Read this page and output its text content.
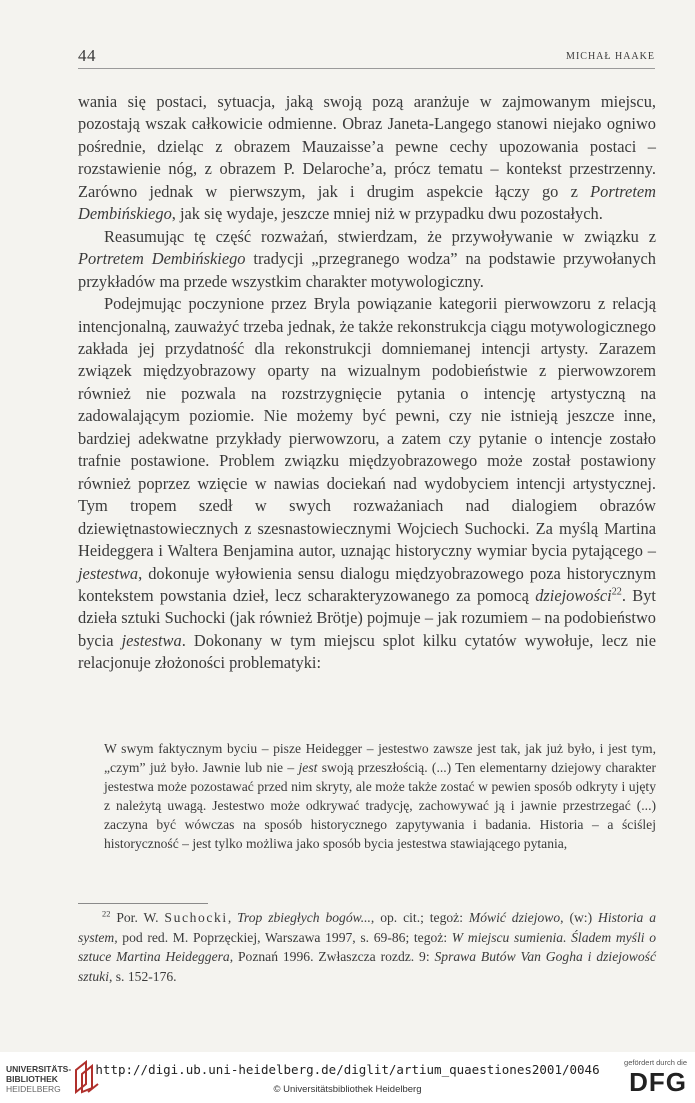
44	MICHAŁ HAAKE

wania się postaci, sytuacja, jaką swoją pozą aranżuje w zajmowanym miejscu, pozostają wszak całkowicie odmienne. Obraz Janeta-Langego stanowi niejako ogniwo pośrednie, dzieląc z obrazem Mauzaisse’a pewne cechy upozowania postaci – rozstawienie nóg, z obrazem P. Delaroche’a, prócz tematu – kontekst przestrzenny. Zarówno jednak w pierwszym, jak i drugim aspekcie łączy go z Portretem Dembińskiego, jak się wydaje, jeszcze mniej niż w przypadku dwu pozostałych.

Reasumując tę część rozważań, stwierdzam, że przywoływanie w związku z Portretem Dembińskiego tradycji „przegranego wodza” na podstawie przywołanych przykładów ma przede wszystkim charakter motywologiczny.

Podejmując poczynione przez Bryla powiązanie kategorii pierwowzoru z relacją intencjonalną, zauważyć trzeba jednak, że także rekonstrukcja ciągu motywologicznego zakłada jej przydatność dla rekonstrukcji domniemanej intencji artysty. Zarazem związek międzyobrazowy oparty na wizualnym podobieństwie z pierwowzorem również nie pozwala na rozstrzygnięcie pytania o intencję artystyczną na zadowalającym poziomie. Nie możemy być pewni, czy nie istnieją jeszcze inne, bardziej adekwatne przykłady pierwowzoru, a zatem czy pytanie o intencje zostało trafnie postawione. Problem związku międzyobrazowego może został postawiony również poprzez wzięcie w nawias dociekań nad wydobyciem intencji artystycznej. Tym tropem szedł w swych rozważaniach nad dialogiem obrazów dziewiętnastowiecznych z szesnastowiecznymi Wojciech Suchocki. Za myślą Martina Heideggera i Waltera Benjamina autor, uznając historyczny wymiar bycia pytającego – jestestwa, dokonuje wyłowienia sensu dialogu międzyobrazowego poza historycznym kontekstem powstania dzieł, lecz scharakteryzowanego za pomocą dziejowości$^{22}$. Byt dzieła sztuki Suchocki (jak również Brötje) pojmuje – jak rozumiem – na podobieństwo bycia jestestwa. Dokonany w tym miejscu splot kilku cytatów wywołuje, lecz nie relacjonuje złożoności problematyki:

W swym faktycznym byciu – pisze Heidegger – jestestwo zawsze jest tak, jak już było, i jest tym, „czym” już było. Jawnie lub nie – jest swoją przeszłością. (...) Ten elementarny dziejowy charakter jestestwa może pozostawać przed nim skryty, ale może także zostać w pewien sposób odkryty i ujęty z należytą uwagą. Jestestwo może odkrywać tradycję, zachowywać ją i jawnie przestrzegać (...) zaczyna być wówczas na sposób historycznego zapytywania i badania. Historia – a ściślej historyczność – jest tylko możliwa jako sposób bycia jestestwa stawiającego pytania,
$^{22}$ Por. W. Suchocki, Trop zbiegłych bogów..., op. cit.; tegoż: Mówić dziejowo, (w:) Historia a system, pod red. M. Poprzęckiej, Warszawa 1997, s. 69-86; tegoż: W miejscu sumienia. Śladem myśli o sztuce Martina Heideggera, Poznań 1996. Zwłaszcza rozdz. 9: Sprawa Butów Van Gogha i dziejowość sztuki, s. 152-176.
UNIVERSITÄTS-
BIBLIOTHEK
HEIDELBERG
http://digi.ub.uni-heidelberg.de/diglit/artium_quaestiones2001/0046
© Universitätsbibliothek Heidelberg
gefördert durch die
DFG
